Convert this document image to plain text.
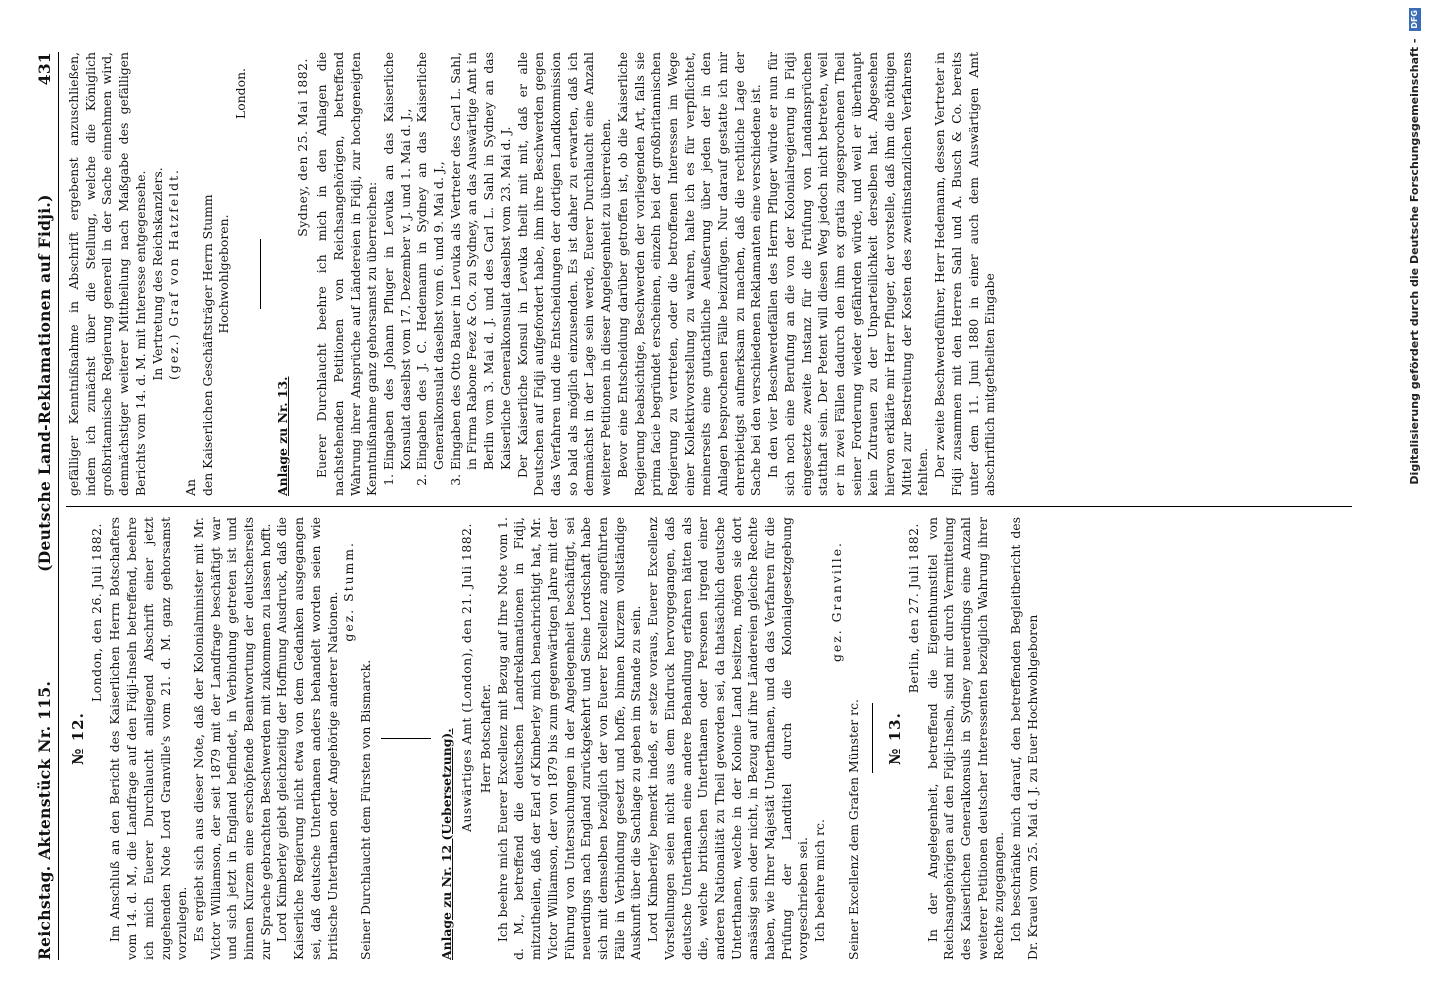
Reichstag. Aktenstück Nr. 115.
(Deutsche Land-Reklamationen auf Fidji.)
431
№ 12.

London, den 26. Juli 1882. Im Anschluß an den Bericht des Kaiserlichen Herrn Botschafters vom 14. d. M., die Landfrage auf den Fidji-Inseln betreffend, beehre ich mich Euerer Durchlaucht anliegend Abschrift einer jetzt zugehenden Note Lord Granville's vom 21. d. M. ganz gehorsamst vorzulegen. Es ergiebt sich aus dieser Note, daß der Kolonialminister mit Mr. Victor Williamson, der seit 1879 mit der Landfrage beschäftigt war und sich jetzt in England befindet, in Verbindung getreten ist und binnen Kurzem eine erschöpfende Beantwortung der deutscherseits zur Sprache gebrachten Beschwerden mit zukommen zu lassen hofft. Lord Kimberley giebt gleichzeitig der Hoffnung Ausdruck, daß die Kaiserliche Regierung nicht etwa von dem Gedanken ausgegangen sei, daß deutsche Unterthanen anders behandelt worden seien wie britische Unterthanen oder Angehörige anderer Nationen.

gez. Stumm.

Seiner Durchlaucht dem Fürsten von Bismarck.	Anlage zu Nr. 12 (Uebersetzung).

Auswärtiges Amt (London), den 21. Juli 1882. Herr Botschafter. Ich beehre mich Euerer Excellenz mit Bezug auf Ihre Note vom 1. d. M., betreffend die deutschen Landreklamationen in Fidji, mitzutheilen, daß der Earl of Kimberley mich benachrichtigt hat, Mr. Victor Williamson, der von 1879 bis zum gegenwärtigen Jahre mit der Führung von Untersuchungen in der Angelegenheit beschäftigt, sei neuerdings nach England zurückgekehrt und Seine Lordschaft habe sich mit demselben bezüglich der von Euerer Excellenz angeführten Fälle in Verbindung gesetzt und hoffe, binnen Kurzem vollständige Auskunft über die Sachlage zu geben im Stande zu sein. Lord Kimberley bemerkt indeß, er setze voraus, Euerer Excellenz Vorstellungen seien nicht aus dem Eindruck hervorgegangen, daß deutsche Unterthanen eine andere Behandlung erfahren hätten als die, welche britischen Unterthanen oder Personen irgend einer anderen Nationalität zu Theil geworden sei, da thatsächlich deutsche Unterthanen, welche in der Kolonie Land besitzen, mögen sie dort ansässig sein oder nicht, in Bezug auf ihre Ländereien gleiche Rechte haben, wie Ihrer Majestät Unterthanen, und da das Verfahren für die Prüfung der Landtitel durch die Kolonialgesetzgebung vorgeschrieben sei. Ich beehre mich rc.

gez. Granville.

Seiner Excellenz dem Grafen Münster rc. № 13.

Berlin, den 27. Juli 1882. In der Angelegenheit, betreffend die Eigenthumstitel von Reichsangehörigen auf den Fidji-Inseln, sind mir durch Vermittelung des Kaiserlichen Generalkonsuls in Sydney neuerdings eine Anzahl weiterer Petitionen deutscher Interessenten bezüglich Wahrung ihrer Rechte zugegangen. Ich beschränke mich darauf, den betreffenden Begleitbericht des Dr. Krauel vom 25. Mai d. J. zu Euer Hochwohlgeboren

gefälliger Kenntnißnahme in Abschrift ergebenst anzuschließen, indem ich zunächst über die Stellung, welche die Königlich großbritannische Regierung generell in der Sache einnehmen wird, demnächstiger weiterer Mittheilung nach Maßgabe des gefälligen Berichts vom 14. d. M. mit Interesse entgegensehe. In Vertretung des Reichskanzlers. (gez.) Graf von Hatzfeldt.

An den Kaiserlichen Geschäftsträger Herrn Stumm Hochwohlgeboren.

London.

Anlage zu Nr. 13.

Sydney, den 25. Mai 1882. Euerer Durchlaucht beehre ich mich in den Anlagen die nachstehenden Petitionen von Reichsangehörigen, betreffend Wahrung ihrer Ansprüche auf Ländereien in Fidji, zur hochgeneigten Kenntnißnahme ganz gehorsamst zu überreichen: 1. Eingaben des Johann Pfluger in Levuka an das Kaiserliche Konsulat daselbst vom 17. Dezember v. J. und 1. Mai d. J., 2. Eingaben des J. C. Hedemann in Sydney an das Kaiserliche Generalkonsulat daselbst vom 6. und 9. Mai d. J., 3. Eingaben des Otto Bauer in Levuka als Vertreter des Carl L. Sahl, in Firma Rabone Feez & Co. zu Sydney, an das Auswärtige Amt in Berlin vom 3. Mai d. J. und des Carl L. Sahl in Sydney an das Kaiserliche Generalkonsulat daselbst vom 23. Mai d. J. Der Kaiserliche Konsul in Levuka theilt mit mit, daß er alle Deutschen auf Fidji aufgefordert habe, ihm ihre Beschwerden gegen das Verfahren und die Entscheidungen der dortigen Landkommission so bald als möglich einzusenden. Es ist daher zu erwarten, daß ich demnächst in der Lage sein werde, Euerer Durchlaucht eine Anzahl weiterer Petitionen in dieser Angelegenheit zu überreichen. Bevor eine Entscheidung darüber getroffen ist, ob die Kaiserliche Regierung beabsichtige, Beschwerden der vorliegenden Art, falls sie prima facie begründet erscheinen, einzeln bei der großbritannischen Regierung zu vertreten, oder die betroffenen Interessen im Wege einer Kollektivvorstellung zu wahren, halte ich es für verpflichtet, meinerseits eine gutachtliche Aeußerung über jeden der in den Anlagen besprochenen Fälle beizufügen. Nur darauf gestatte ich mir ehrerbietigst aufmerksam zu machen, daß die rechtliche Lage der Sache bei den verschiedenen Reklamanten eine verschiedene ist. In den vier Beschwerdefällen des Herrn Pfluger würde er nun für sich noch eine Berufung an die von der Kolonialregierung in Fidji eingesetzte zweite Instanz für die Prüfung von Landansprüchen statthaft sein. Der Petent will diesen Weg jedoch nicht betreten, weil er in zwei Fällen dadurch den ihm ex gratia zugesprochenen Theil seiner Forderung wieder gefährden würde, und weil er überhaupt kein Zutrauen zu der Unparteilichkeit derselben hat. Abgesehen hiervon erklärte mir Herr Pfluger, der vorstelle, daß ihm die nöthigen Mittel zur Bestreitung der Kosten des zweitinstanzlichen Verfahrens fehlten. Der zweite Beschwerdeführer, Herr Hedemann, dessen Vertreter in Fidji zusammen mit den Herren Sahl und A. Busch & Co. bereits unter dem 11. Juni 1880 in einer auch dem Auswärtigen Amt abschriftlich mitgetheilten Eingabe	Digitalisierung gefördert durch die Deutsche Forschungsgemeinschaft - DFG
